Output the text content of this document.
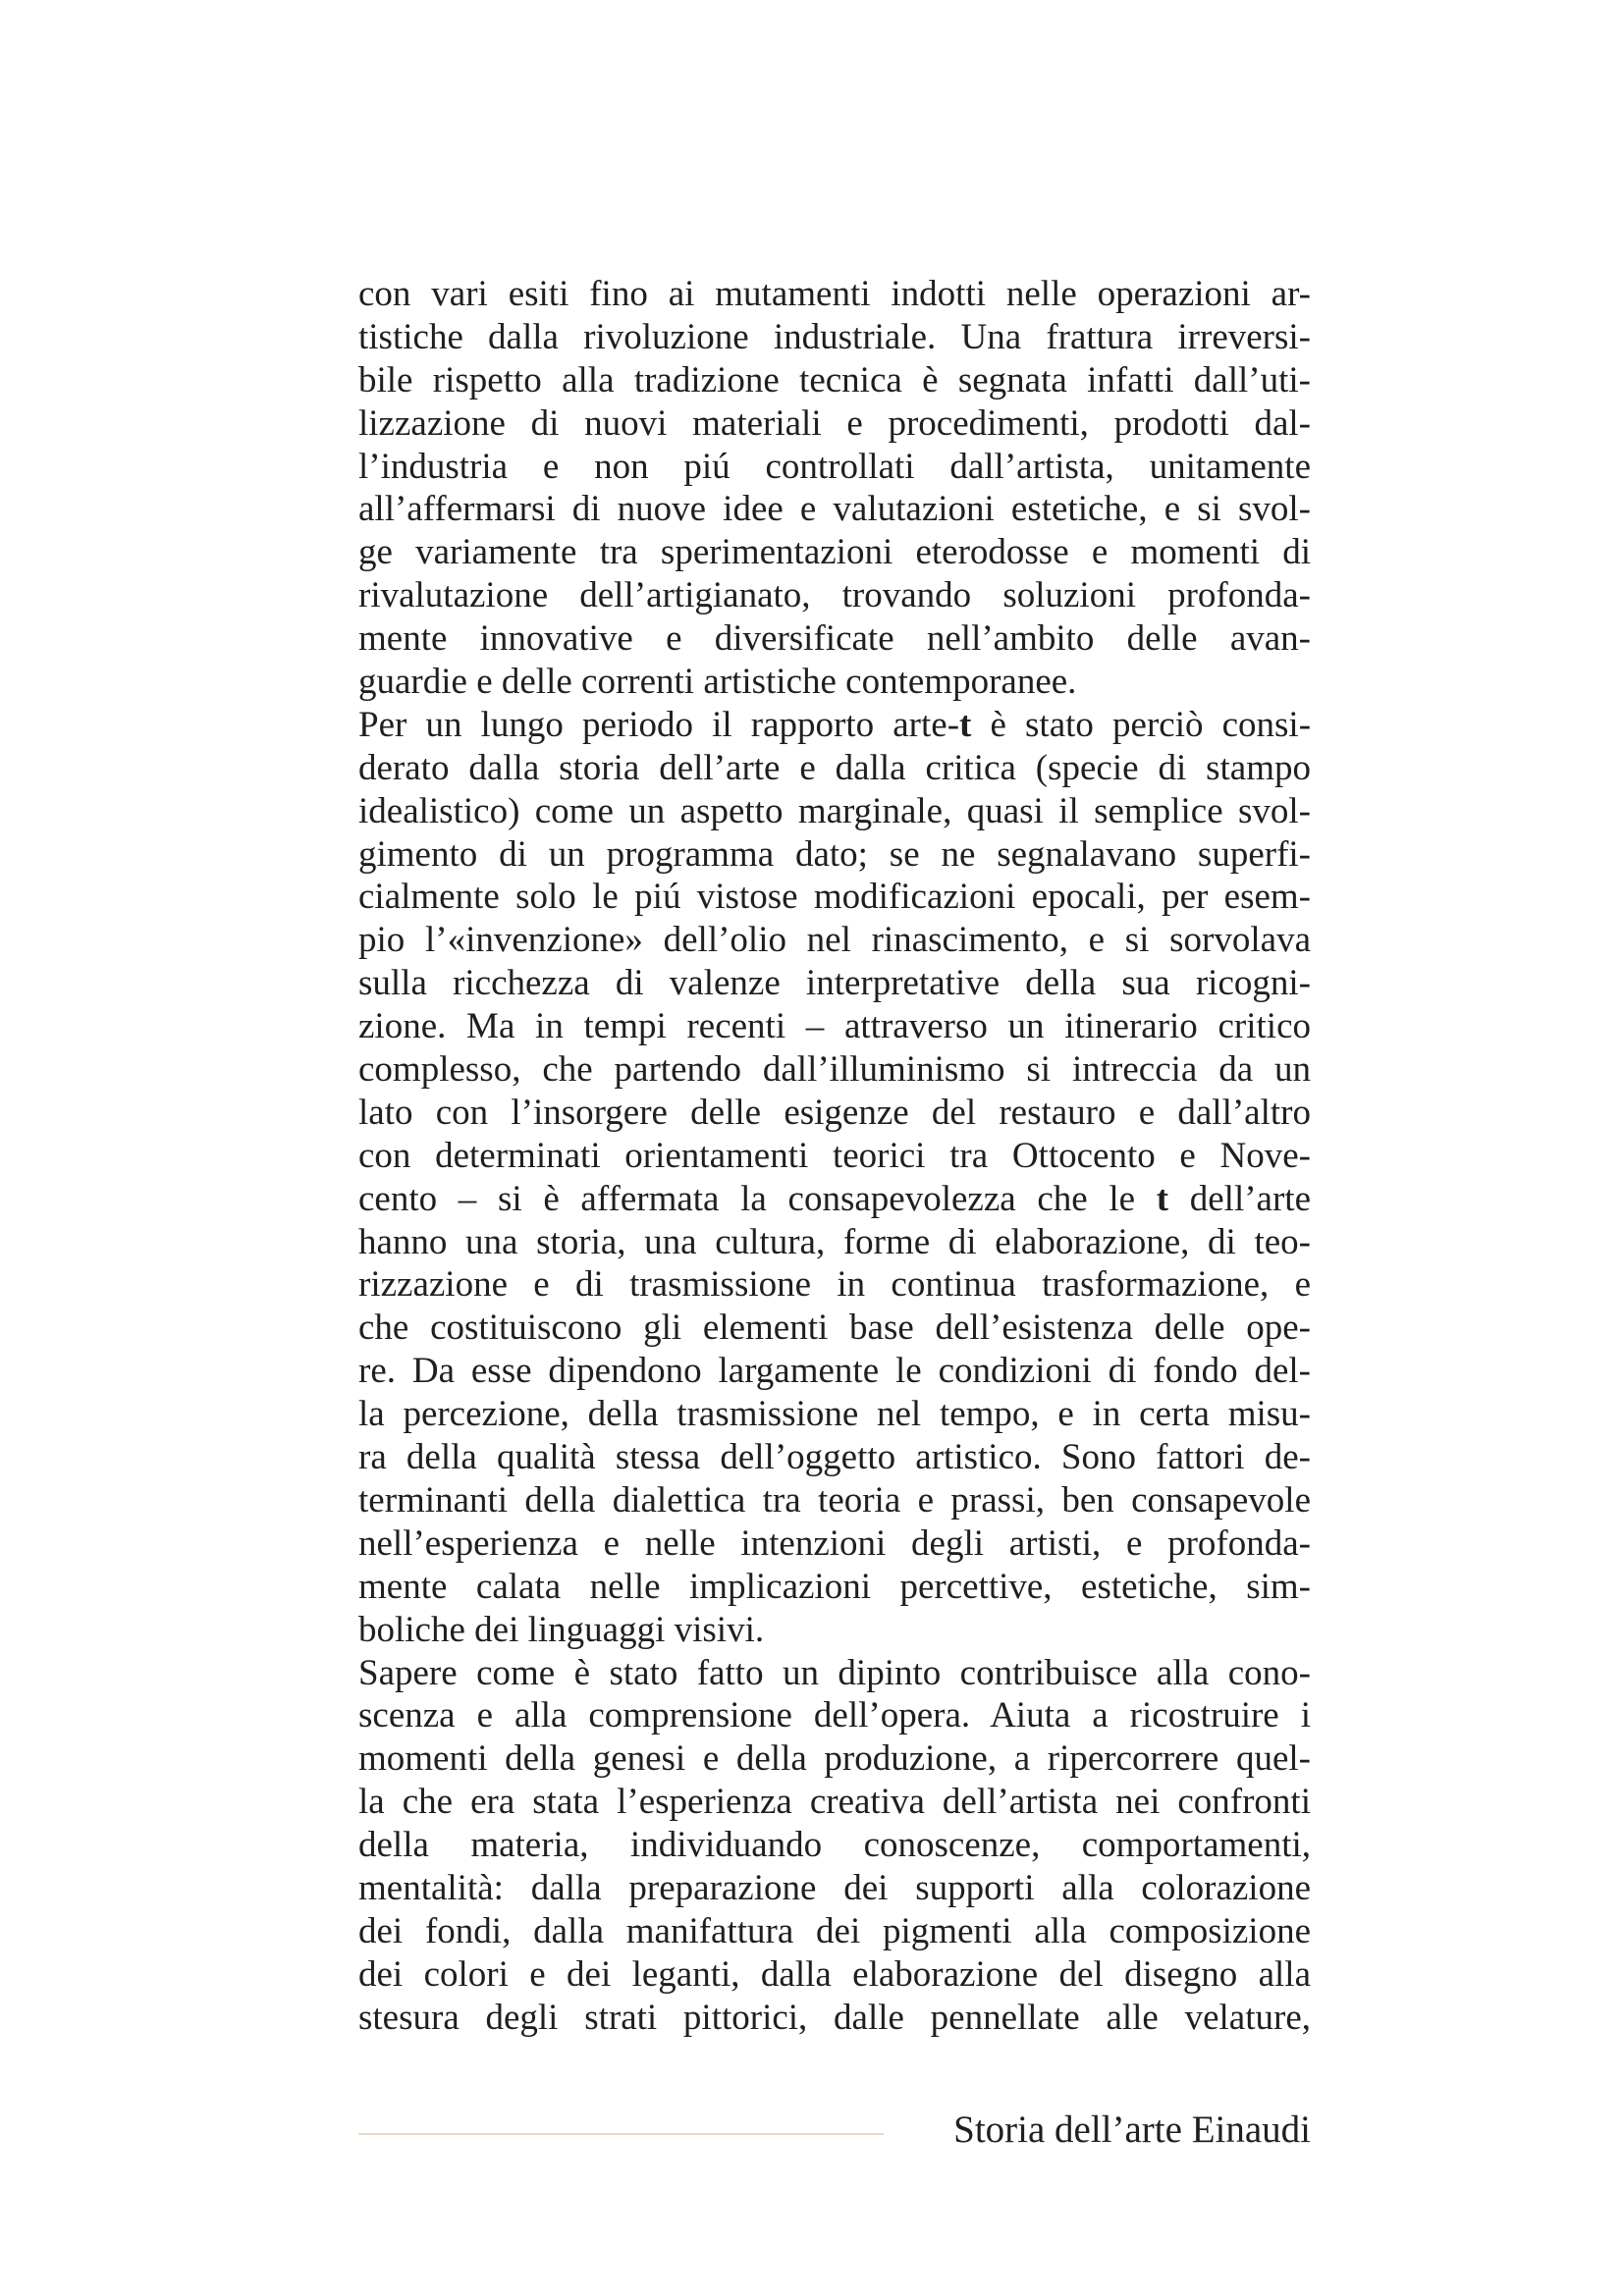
con vari esiti fino ai mutamenti indotti nelle operazioni ar-
tistiche dalla rivoluzione industriale. Una frattura irreversi-
bile rispetto alla tradizione tecnica è segnata infatti dall’uti-
lizzazione di nuovi materiali e procedimenti, prodotti dal-
l’industria e non piú controllati dall’artista, unitamente
all’affermarsi di nuove idee e valutazioni estetiche, e si svol-
ge variamente tra sperimentazioni eterodosse e momenti di
rivalutazione dell’artigianato, trovando soluzioni profonda-
mente innovative e diversificate nell’ambito delle avan-
guardie e delle correnti artistiche contemporanee.
Per un lungo periodo il rapporto arte-t è stato perciò consi-
derato dalla storia dell’arte e dalla critica (specie di stampo
idealistico) come un aspetto marginale, quasi il semplice svol-
gimento di un programma dato; se ne segnalavano superfi-
cialmente solo le piú vistose modificazioni epocali, per esem-
pio l’«invenzione» dell’olio nel rinascimento, e si sorvolava
sulla ricchezza di valenze interpretative della sua ricogni-
zione. Ma in tempi recenti – attraverso un itinerario critico
complesso, che partendo dall’illuminismo si intreccia da un
lato con l’insorgere delle esigenze del restauro e dall’altro
con determinati orientamenti teorici tra Ottocento e Nove-
cento – si è affermata la consapevolezza che le t dell’arte
hanno una storia, una cultura, forme di elaborazione, di teo-
rizzazione e di trasmissione in continua trasformazione, e
che costituiscono gli elementi base dell’esistenza delle ope-
re. Da esse dipendono largamente le condizioni di fondo del-
la percezione, della trasmissione nel tempo, e in certa misu-
ra della qualità stessa dell’oggetto artistico. Sono fattori de-
terminanti della dialettica tra teoria e prassi, ben consapevole
nell’esperienza e nelle intenzioni degli artisti, e profonda-
mente calata nelle implicazioni percettive, estetiche, sim-
boliche dei linguaggi visivi.
Sapere come è stato fatto un dipinto contribuisce alla cono-
scenza e alla comprensione dell’opera. Aiuta a ricostruire i
momenti della genesi e della produzione, a ripercorrere quel-
la che era stata l’esperienza creativa dell’artista nei confronti
della materia, individuando conoscenze, comportamenti,
mentalità: dalla preparazione dei supporti alla colorazione
dei fondi, dalla manifattura dei pigmenti alla composizione
dei colori e dei leganti, dalla elaborazione del disegno alla
stesura degli strati pittorici, dalle pennellate alle velature,
Storia dell’arte Einaudi
